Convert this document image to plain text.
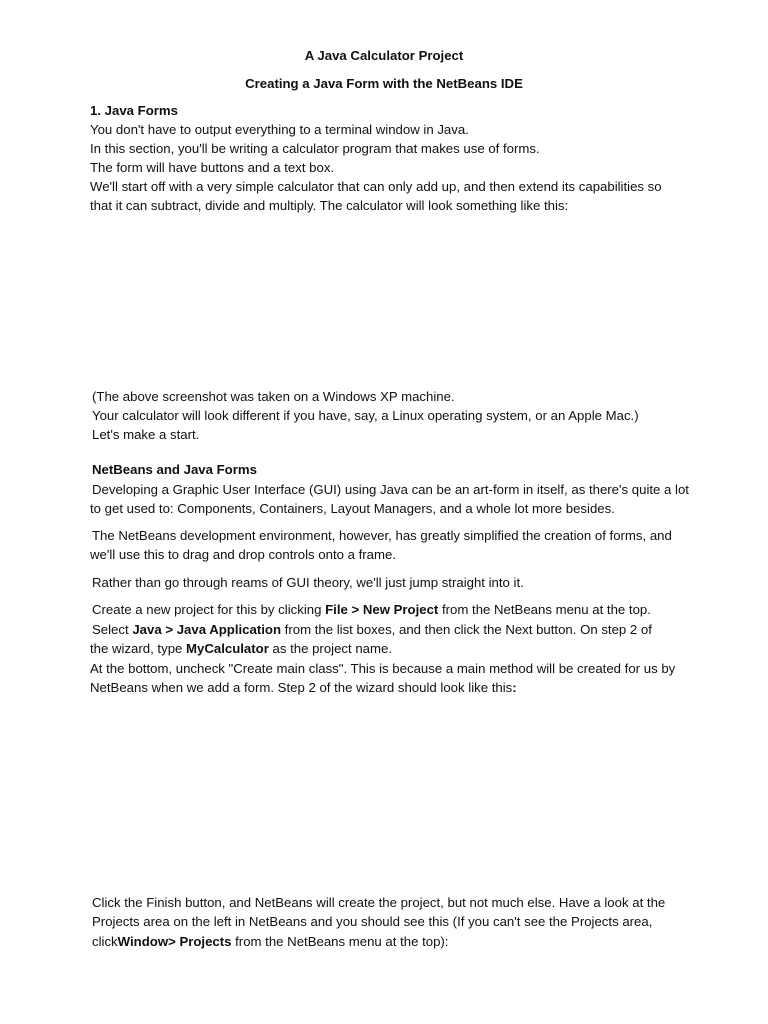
A Java Calculator Project
Creating a Java Form with the NetBeans IDE
1. Java Forms
You don't have to output everything to a terminal window in Java.
In this section, you'll be writing a calculator program that makes use of forms.
The form will have buttons and a text box.
We'll start off with a very simple calculator that can only add up, and then extend its capabilities so
that it can subtract, divide and multiply. The calculator will look something like this:
(The above screenshot was taken on a Windows XP machine.
Your calculator will look different if you have, say, a Linux operating system, or an Apple Mac.)
Let's make a start.
NetBeans and Java Forms
Developing a Graphic User Interface (GUI) using Java can be an art-form in itself, as there's quite a lot
to get used to: Components, Containers, Layout Managers, and a whole lot more besides.
The NetBeans development environment, however, has greatly simplified the creation of forms, and
we'll use this to drag and drop controls onto a frame.
Rather than go through reams of GUI theory, we'll just jump straight into it.
Create a new project for this by clicking File > New Project from the NetBeans menu at the top.
Select Java > Java Application from the list boxes, and then click the Next button. On step 2 of
the wizard, type MyCalculator as the project name.
At the bottom, uncheck "Create main class". This is because a main method will be created for us by
NetBeans when we add a form. Step 2 of the wizard should look like this:
Click the Finish button, and NetBeans will create the project, but not much else. Have a look at the
Projects area on the left in NetBeans and you should see this (If you can't see the Projects area,
clickWindow> Projects from the NetBeans menu at the top):
